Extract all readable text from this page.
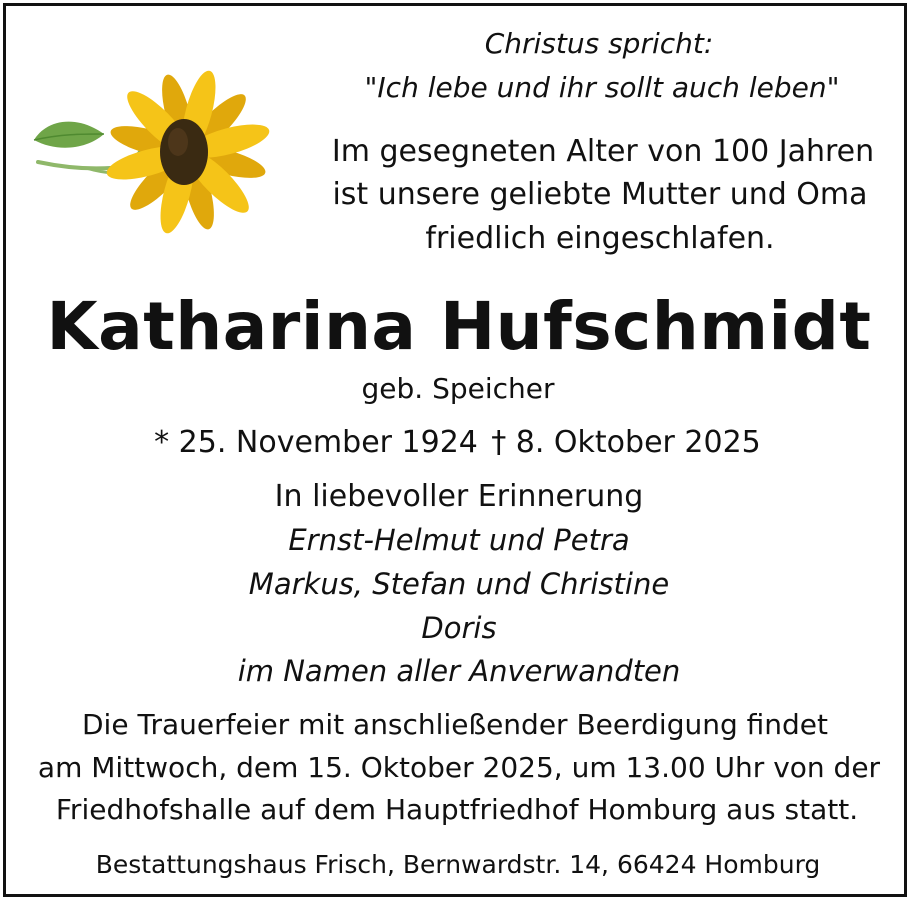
Christus spricht:
"Ich lebe und ihr sollt auch leben"
Im gesegneten Alter von 100 Jahren
ist unsere geliebte Mutter und Oma
friedlich eingeschlafen.
Katharina Hufschmidt
geb. Speicher
* 25. November 1924 † 8. Oktober 2025
In liebevoller Erinnerung
Ernst-Helmut und Petra
Markus, Stefan und Christine
Doris
im Namen aller Anverwandten
Die Trauerfeier mit anschließender Beerdigung findet
am Mittwoch, dem 15. Oktober 2025, um 13.00 Uhr von der
Friedhofshalle auf dem Hauptfriedhof Homburg aus statt.
Bestattungshaus Frisch, Bernwardstr. 14, 66424 Homburg
